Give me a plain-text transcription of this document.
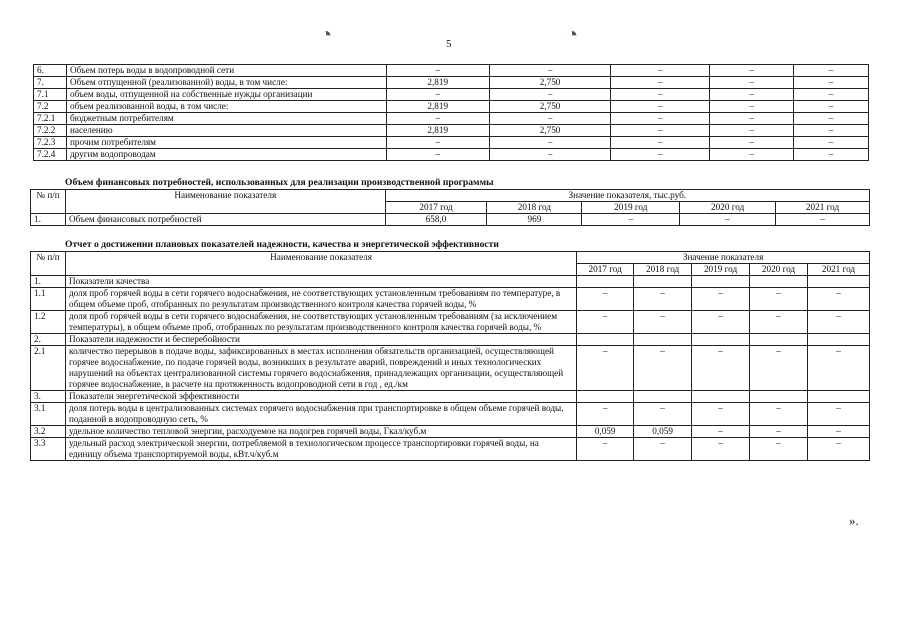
◔	◔
5
6.	Объем потерь воды в водопроводной сети	–	–	–	–	–
7.	Объем отпущенной (реализованной) воды, в том числе:	2,819	2,750	–	–	–
7.1	объем воды, отпущенной на собственные нужды организации	–	–	–	–	–
7.2	объем реализованной воды, в том числе:	2,819	2,750	–	–	–
7.2.1	бюджетным потребителям	–	–	–	–	–
7.2.2	населению	2,819	2,750	–	–	–
7.2.3	прочим потребителям	–	–	–	–	–
7.2.4	другим водопроводам	–	–	–	–	–
Объем финансовых потребностей, использованных для реализации производственной программы
№ п/п	Наименование показателя	Значение показателя, тыс.руб.				
		2017 год	2018 год	2019 год	2020 год	2021 год
1.	Объем финансовых потребностей	658,0	969	–	–	–
Отчет о достижении плановых показателей надежности, качества и энергетической эффективности
№ п/п	Наименование показателя	Значение показателя				
		2017 год	2018 год	2019 год	2020 год	2021 год
1.	Показатели качества					
1.1	доля проб горячей воды в сети горячего водоснабжения, не соответствующих установленным требованиям по температуре, в общем объеме проб, отобранных по результатам производственного контроля качества горячей воды, %	–	–	–	–	–
1.2	доля проб горячей воды в сети горячего водоснабжения, не соответствующих установленным требованиям (за исключением температуры), в общем объеме проб, отобранных по результатам производственного контроля качества горячей воды, %	–	–	–	–	–
2.	Показатели надежности и бесперебойности					
2.1	количество перерывов в подаче воды, зафиксированных в местах исполнения обязательств организацией, осуществляющей горячее водоснабжение, по подаче горячей воды, возникших в результате аварий, повреждений и иных технологических нарушений на объектах централизованной системы горячего водоснабжения, принадлежащих организации, осуществляющей горячее водоснабжение, в расчете на протяженность водопроводной сети в год , ед./км	–	–	–	–	–
3.	Показатели энергетической эффективности					
3.1	доля потерь воды в централизованных системах горячего водоснабжения при транспортировке в общем объеме горячей воды, поданной в водопроводную сеть, %	–	–	–	–	–
3.2	удельное количество тепловой энергии, расходуемое на подогрев горячей воды, Гкал/куб.м	0,059	0,059	–	–	–
3.3	удельный расход электрической энергии, потребляемой в технологическом процессе транспортировки горячей воды, на единицу объема транспортируемой воды, кВт.ч/куб.м	–	–	–	–	–
».
